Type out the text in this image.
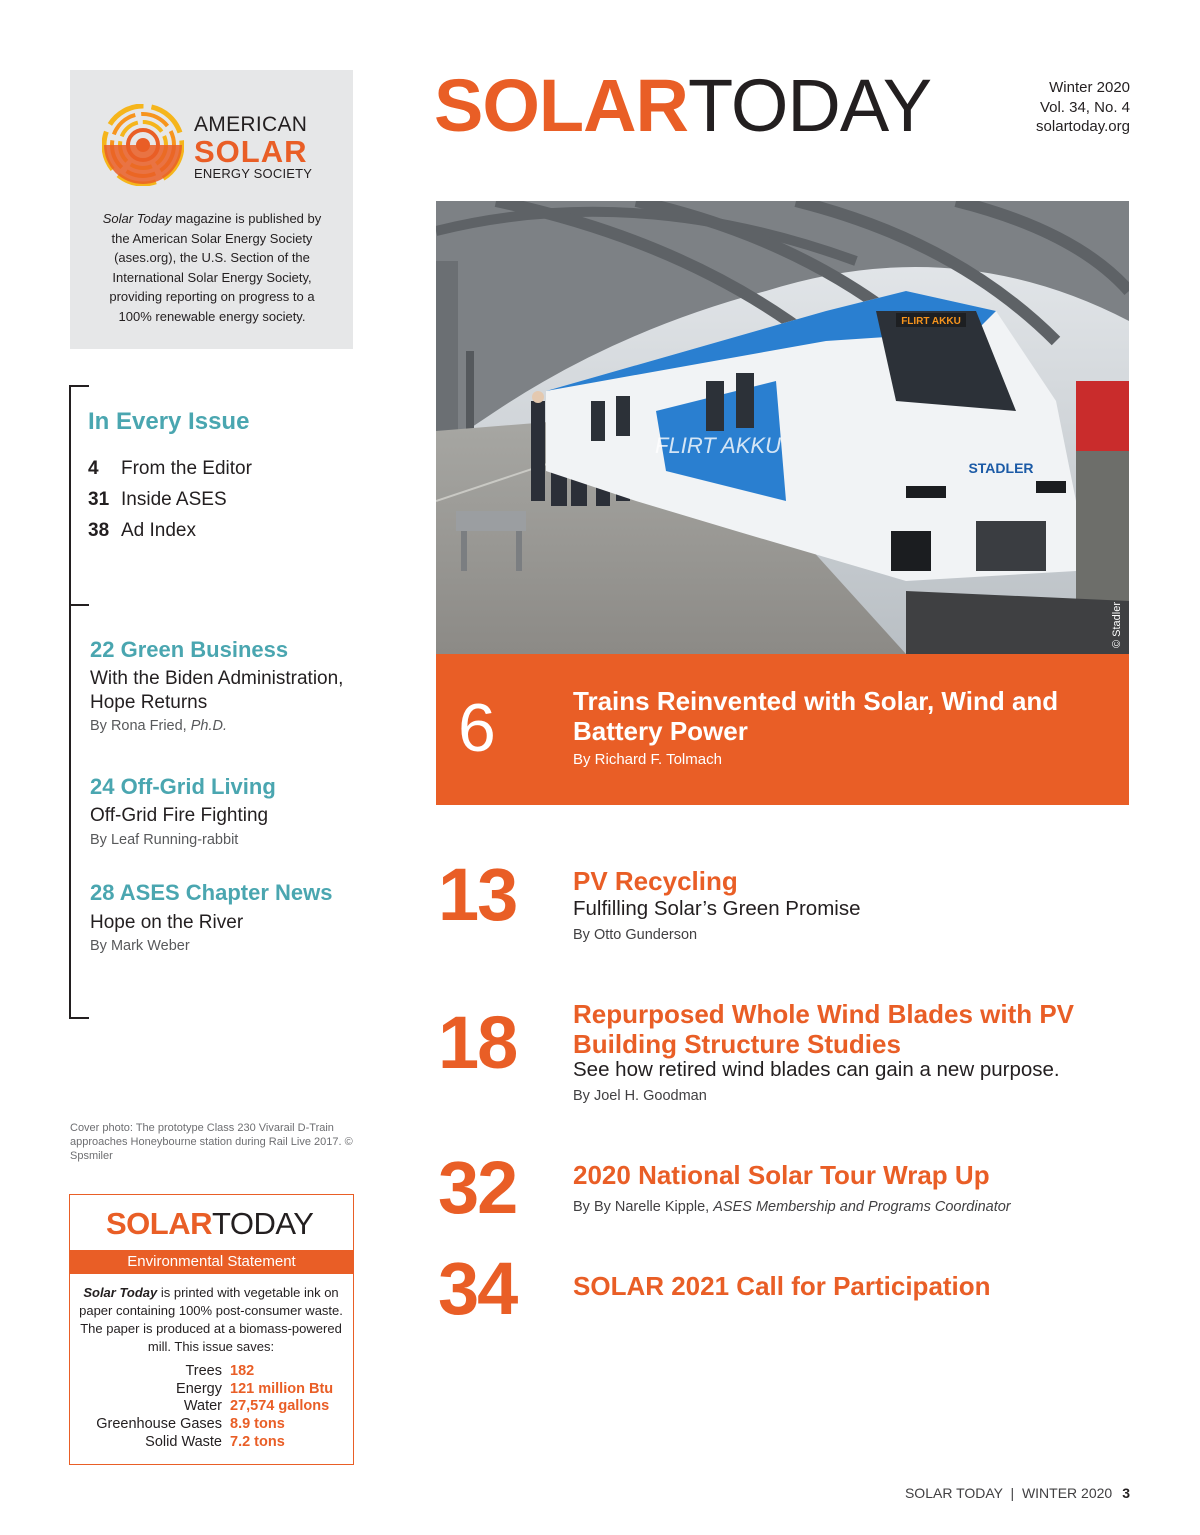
AMERICAN
SOLAR
ENERGY SOCIETY
Solar Today magazine is published by the American Solar Energy Society (ases.org), the U.S. Section of the International Solar Energy Society, providing reporting on progress to a 100% renewable energy society.
SOLARTODAY	Winter 2020
Vol. 34, No. 4
solartoday.org
In Every Issue
4 From the Editor
31 Inside ASES
38 Ad Index
22 Green Business
With the Biden Administration, Hope Returns
By Rona Fried, Ph.D.
24 Off-Grid Living
Off-Grid Fire Fighting
By Leaf Running-rabbit
28 ASES Chapter News
Hope on the River
By Mark Weber
Cover photo: The prototype Class 230 Vivarail D-Train approaches Honeybourne station during Rail Live 2017. © Spsmiler
SOLARTODAY
Environmental Statement
Solar Today is printed with vegetable ink on paper containing 100% post-consumer waste. The paper is produced at a biomass-powered mill. This issue saves:
Trees 182
Energy 121 million Btu
Water 27,574 gallons
Greenhouse Gases 8.9 tons
Solid Waste 7.2 tons
FLIRT AKKU
STADLER
FLIRT AKKU
© Stadler
6	Trains Reinvented with Solar, Wind and Battery Power
By Richard F. Tolmach
13 PV Recycling
Fulfilling Solar’s Green Promise
By Otto Gunderson
18 Repurposed Whole Wind Blades with PV Building Structure Studies
See how retired wind blades can gain a new purpose.
By Joel H. Goodman
32 2020 National Solar Tour Wrap Up
By By Narelle Kipple, ASES Membership and Programs Coordinator
34 SOLAR 2021 Call for Participation
SOLAR TODAY  |  WINTER 2020 3
